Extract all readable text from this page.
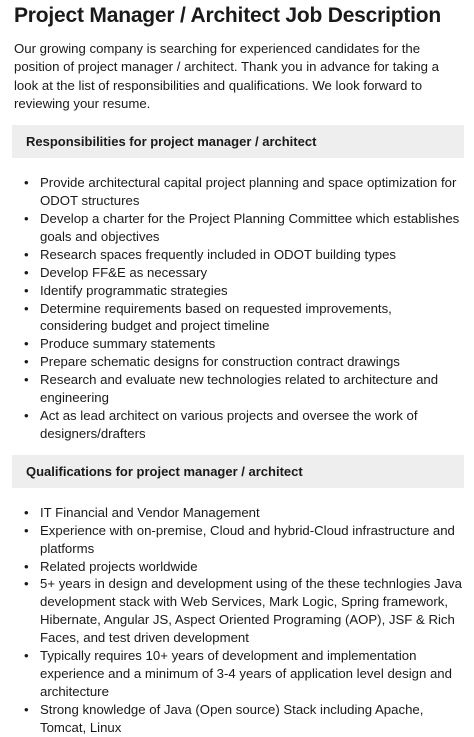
Project Manager / Architect Job Description

Our growing company is searching for experienced candidates for the position of project manager / architect. Thank you in advance for taking a look at the list of responsibilities and qualifications. We look forward to reviewing your resume.

Responsibilities for project manager / architect
• Provide architectural capital project planning and space optimization for ODOT structures
• Develop a charter for the Project Planning Committee which establishes goals and objectives
• Research spaces frequently included in ODOT building types
• Develop FF&E as necessary
• Identify programmatic strategies
• Determine requirements based on requested improvements, considering budget and project timeline
• Produce summary statements
• Prepare schematic designs for construction contract drawings
• Research and evaluate new technologies related to architecture and engineering
• Act as lead architect on various projects and oversee the work of designers/drafters
Qualifications for project manager / architect
• IT Financial and Vendor Management
• Experience with on-premise, Cloud and hybrid-Cloud infrastructure and platforms
• Related projects worldwide
• 5+ years in design and development using of the these technlogies Java development stack with Web Services, Mark Logic, Spring framework, Hibernate, Angular JS, Aspect Oriented Programing (AOP), JSF & Rich Faces, and test driven development
• Typically requires 10+ years of development and implementation experience and a minimum of 3-4 years of application level design and architecture
• Strong knowledge of Java (Open source) Stack including Apache, Tomcat, Linux
